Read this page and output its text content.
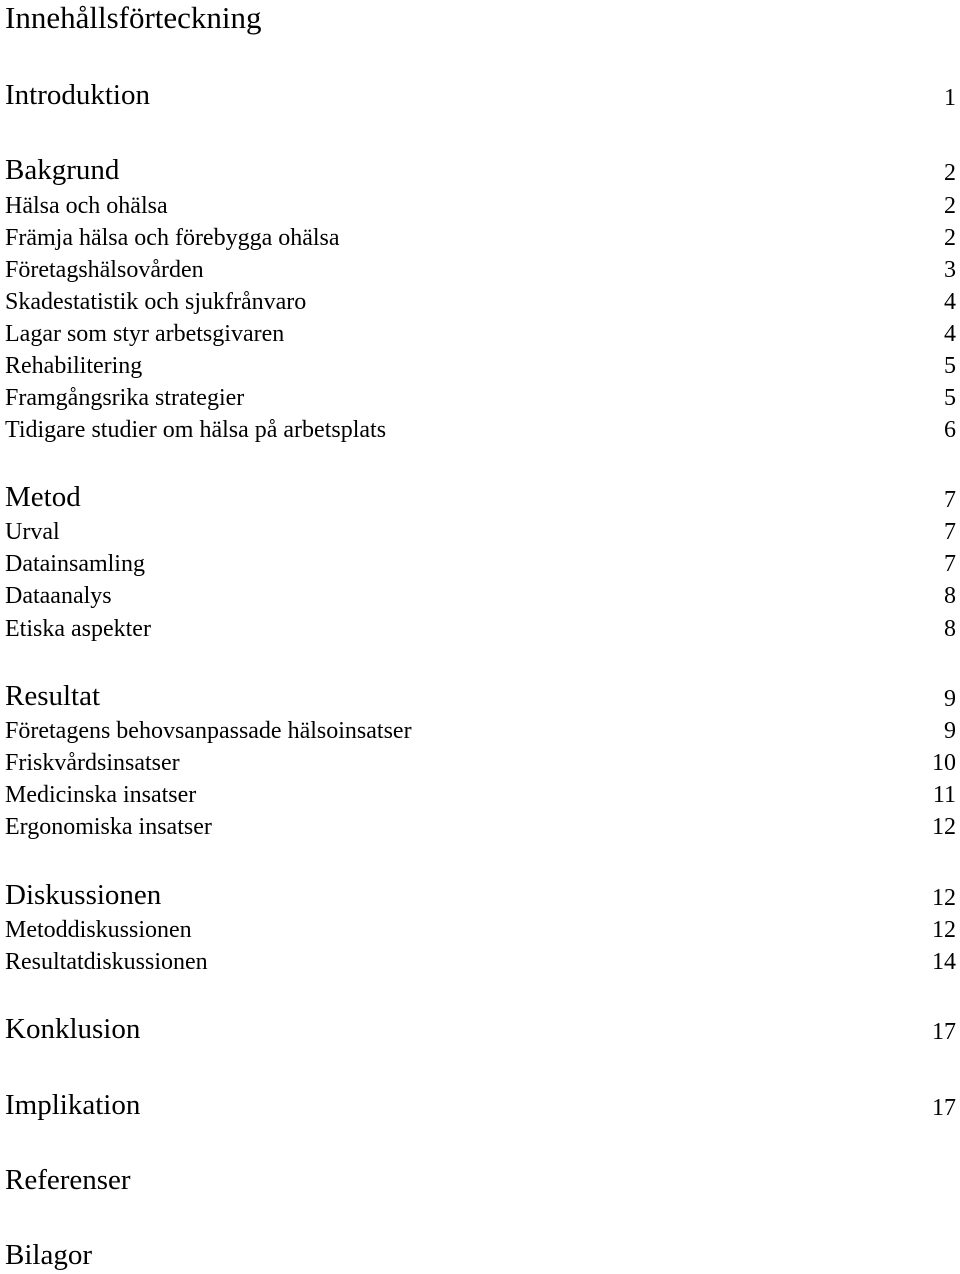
Innehållsförteckning
Introduktion	1
Bakgrund	2
Hälsa och ohälsa	2
Främja hälsa och förebygga ohälsa	2
Företagshälsovården	3
Skadestatistik och sjukfrånvaro	4
Lagar som styr arbetsgivaren	4
Rehabilitering	5
Framgångsrika strategier	5
Tidigare studier om hälsa på arbetsplats	6
Metod	7
Urval	7
Datainsamling	7
Dataanalys	8
Etiska aspekter	8
Resultat	9
Företagens behovsanpassade hälsoinsatser	9
Friskvårdsinsatser	10
Medicinska insatser	11
Ergonomiska insatser	12
Diskussionen	12
Metoddiskussionen	12
Resultatdiskussionen	14
Konklusion	17
Implikation	17
Referenser
Bilagor
